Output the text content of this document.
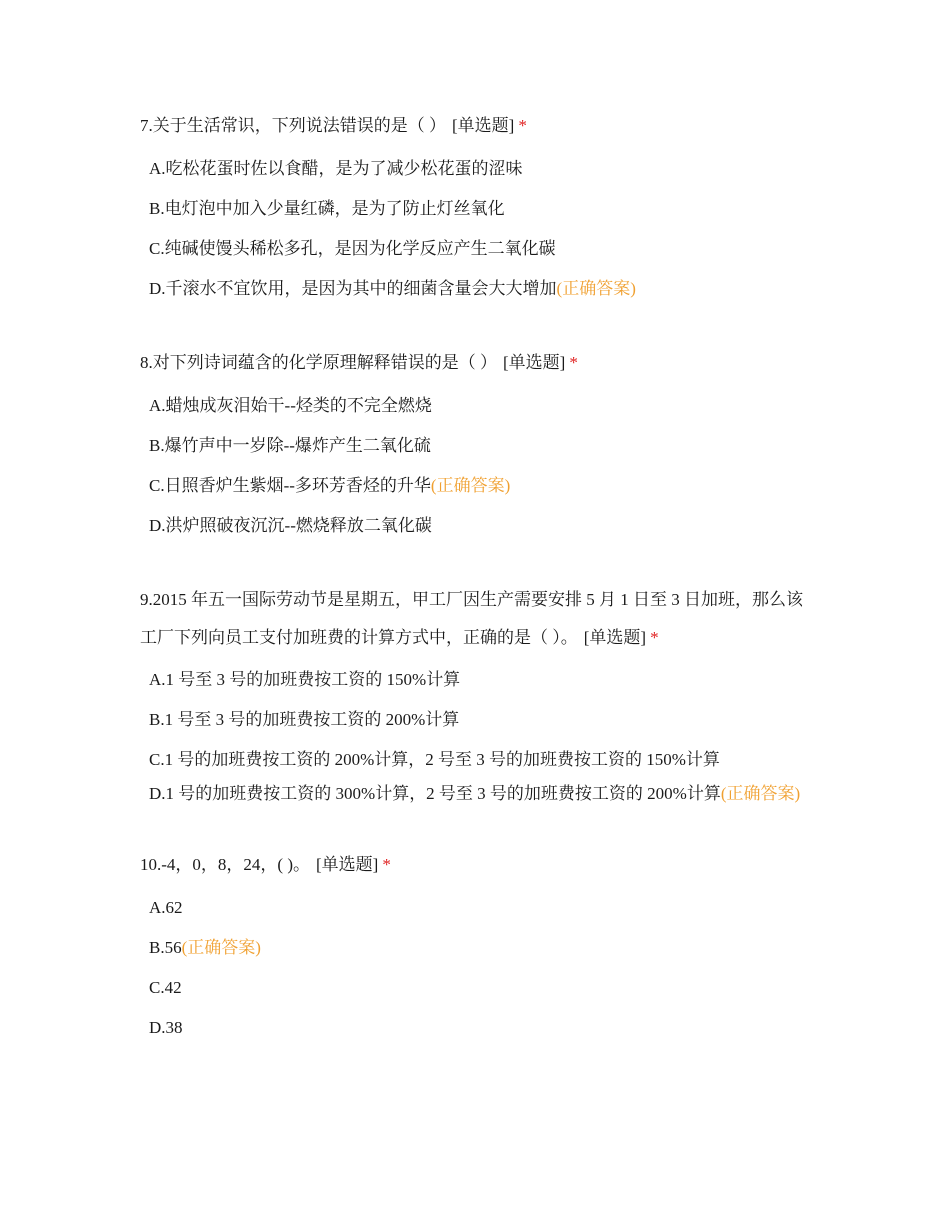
7.关于生活常识，下列说法错误的是（ ） [单选题] *

A.吃松花蛋时佐以食醋，是为了减少松花蛋的涩味
B.电灯泡中加入少量红磷，是为了防止灯丝氧化
C.纯碱使馒头稀松多孔，是因为化学反应产生二氧化碳
D.千滚水不宜饮用，是因为其中的细菌含量会大大增加(正确答案)

8.对下列诗词蕴含的化学原理解释错误的是（ ） [单选题] *

A.蜡烛成灰泪始干--烃类的不完全燃烧
B.爆竹声中一岁除--爆炸产生二氧化硫
C.日照香炉生紫烟--多环芳香烃的升华(正确答案)
D.洪炉照破夜沉沉--燃烧释放二氧化碳

9.2015 年五一国际劳动节是星期五，甲工厂因生产需要安排 5 月 1 日至 3 日加班，那么该工厂下列向员工支付加班费的计算方式中，正确的是（ ）。 [单选题] *

A.1 号至 3 号的加班费按工资的 150%计算
B.1 号至 3 号的加班费按工资的 200%计算
C.1 号的加班费按工资的 200%计算，2 号至 3 号的加班费按工资的 150%计算
D.1 号的加班费按工资的 300%计算，2 号至 3 号的加班费按工资的 200%计算(正确答案)

10.-4，0，8，24，( )。 [单选题] *

A.62
B.56(正确答案)
C.42
D.38
